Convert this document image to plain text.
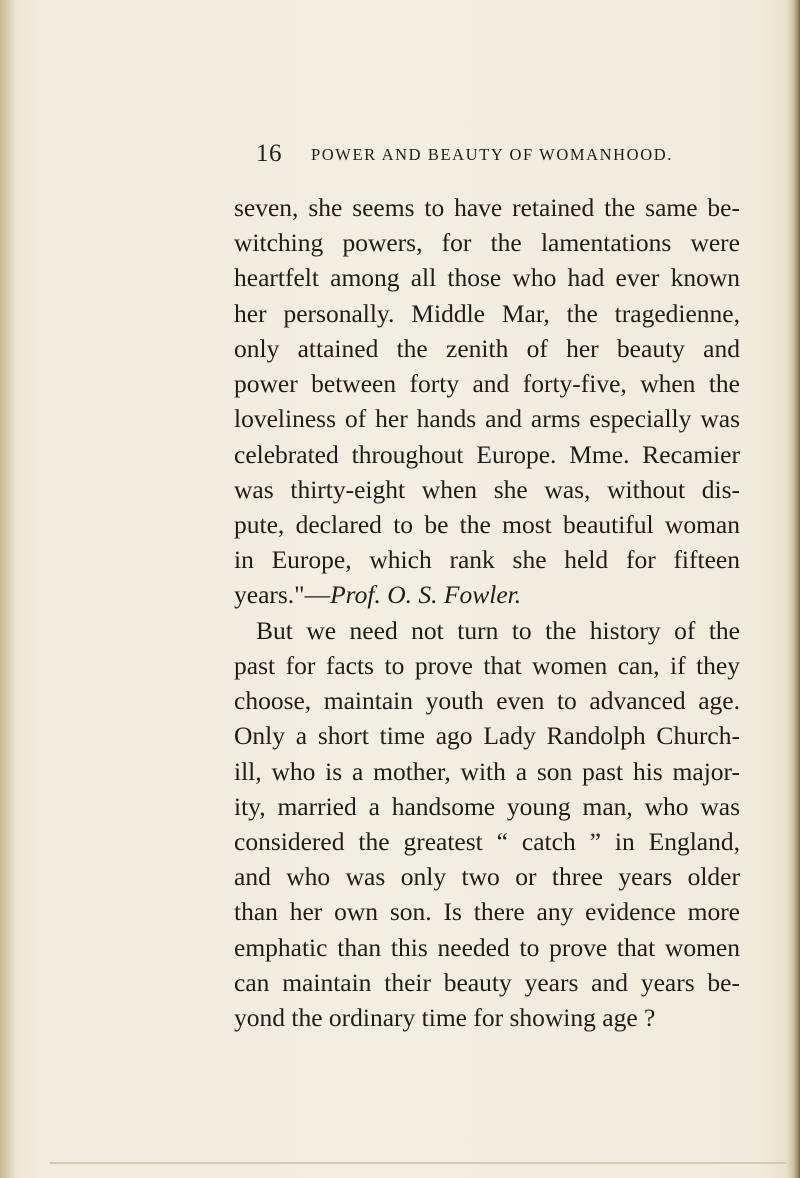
16 POWER AND BEAUTY OF WOMANHOOD.
seven, she seems to have retained the same be-
witching powers, for the lamentations were
heartfelt among all those who had ever known
her personally. Middle Mar, the tragedienne,
only attained the zenith of her beauty and
power between forty and forty-five, when the
loveliness of her hands and arms especially was
celebrated throughout Europe. Mme. Recamier
was thirty-eight when she was, without dis-
pute, declared to be the most beautiful woman
in Europe, which rank she held for fifteen
years."—Prof. O. S. Fowler.
But we need not turn to the history of the
past for facts to prove that women can, if they
choose, maintain youth even to advanced age.
Only a short time ago Lady Randolph Church-
ill, who is a mother, with a son past his major-
ity, married a handsome young man, who was
considered the greatest “ catch ” in England,
and who was only two or three years older
than her own son. Is there any evidence more
emphatic than this needed to prove that women
can maintain their beauty years and years be-
yond the ordinary time for showing age ?
